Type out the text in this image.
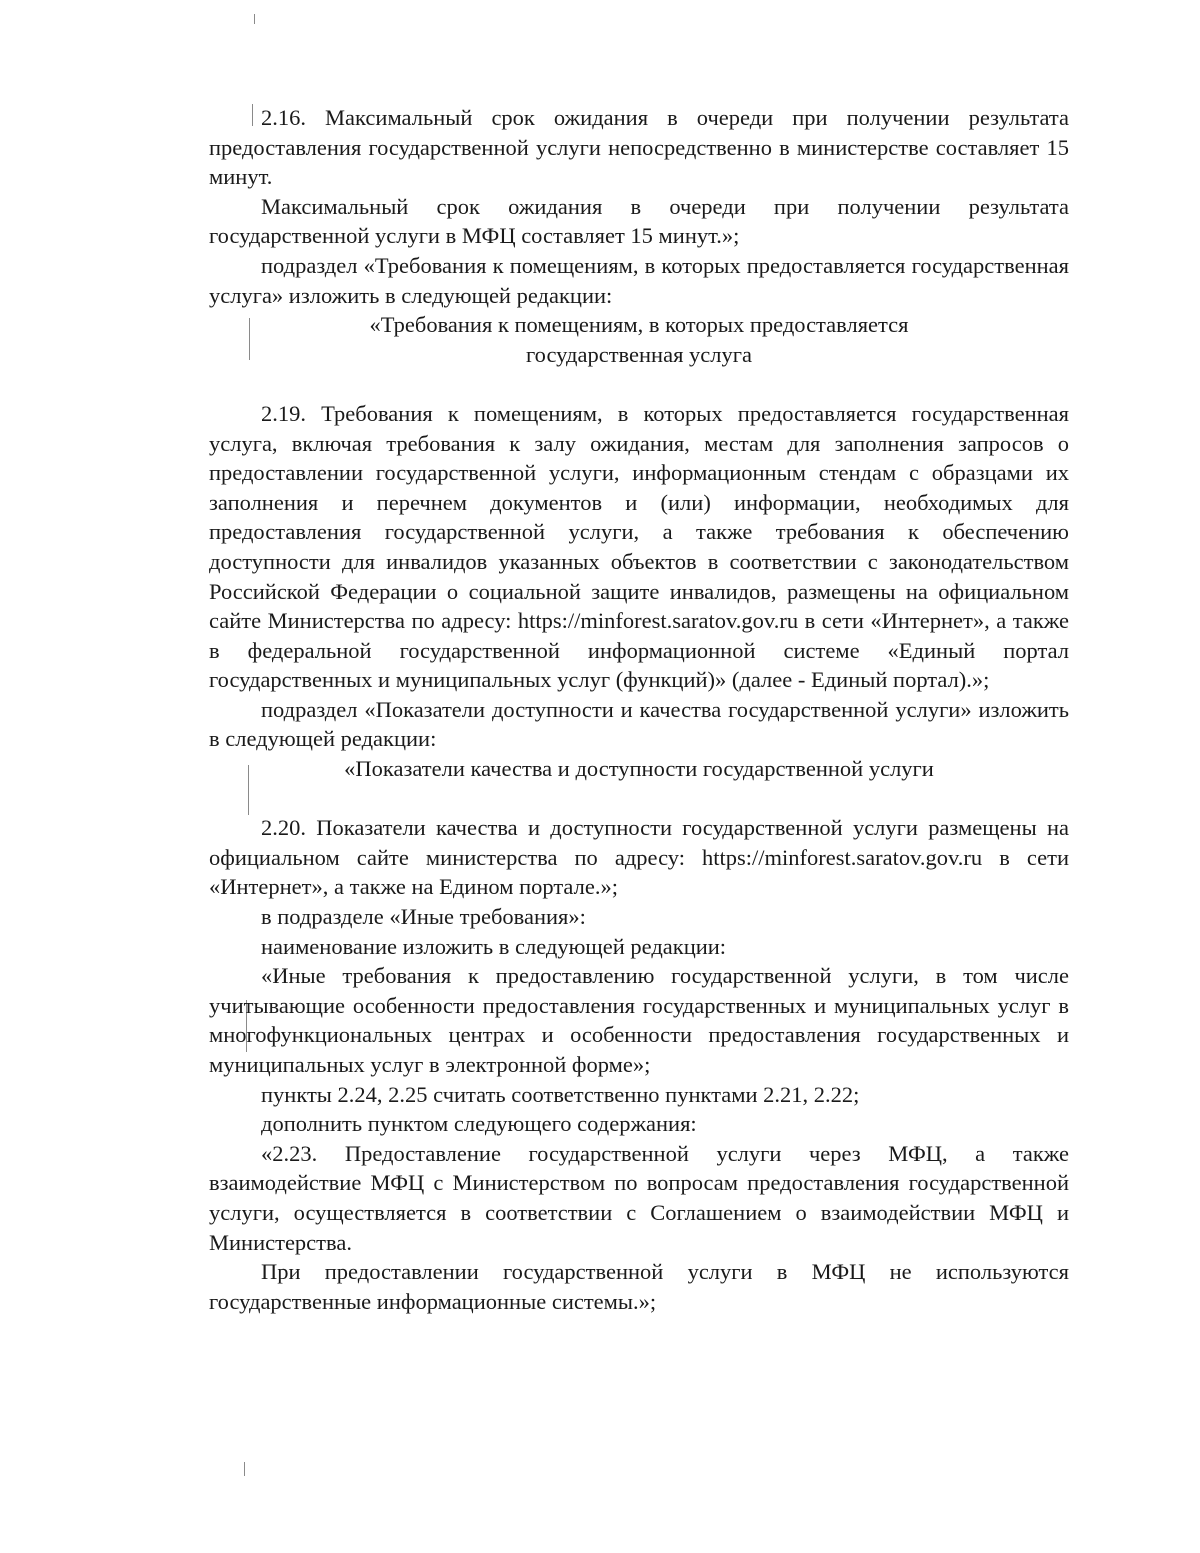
2.16. Максимальный срок ожидания в очереди при получении результата предоставления государственной услуги непосредственно в министерстве составляет 15 минут.

Максимальный срок ожидания в очереди при получении результата государственной услуги в МФЦ составляет 15 минут.»;

подраздел «Требования к помещениям, в которых предоставляется государственная услуга» изложить в следующей редакции:

«Требования к помещениям, в которых предоставляется

государственная услуга

2.19. Требования к помещениям, в которых предоставляется государственная услуга, включая требования к залу ожидания, местам для заполнения запросов о предоставлении государственной услуги, информационным стендам с образцами их заполнения и перечнем документов и (или) информации, необходимых для предоставления государственной услуги, а также требования к обеспечению доступности для инвалидов указанных объектов в соответствии с законодательством Российской Федерации о социальной защите инвалидов, размещены на официальном сайте Министерства по адресу: https://minforest.saratov.gov.ru в сети «Интернет», а также в федеральной государственной информационной системе «Единый портал государственных и муниципальных услуг (функций)» (далее - Единый портал).»;

подраздел «Показатели доступности и качества государственной услуги» изложить в следующей редакции:

«Показатели качества и доступности государственной услуги

2.20. Показатели качества и доступности государственной услуги размещены на официальном сайте министерства по адресу: https://minforest.saratov.gov.ru в сети «Интернет», а также на Едином портале.»;

в подразделе «Иные требования»:

наименование изложить в следующей редакции:

«Иные требования к предоставлению государственной услуги, в том числе учитывающие особенности предоставления государственных и муниципальных услуг в многофункциональных центрах и особенности предоставления государственных и муниципальных услуг в электронной форме»;

пункты 2.24, 2.25 считать соответственно пунктами 2.21, 2.22;

дополнить пунктом следующего содержания:

«2.23. Предоставление государственной услуги через МФЦ, а также взаимодействие МФЦ с Министерством по вопросам предоставления государственной услуги, осуществляется в соответствии с Соглашением о взаимодействии МФЦ и Министерства.

При предоставлении государственной услуги в МФЦ не используются государственные информационные системы.»;
